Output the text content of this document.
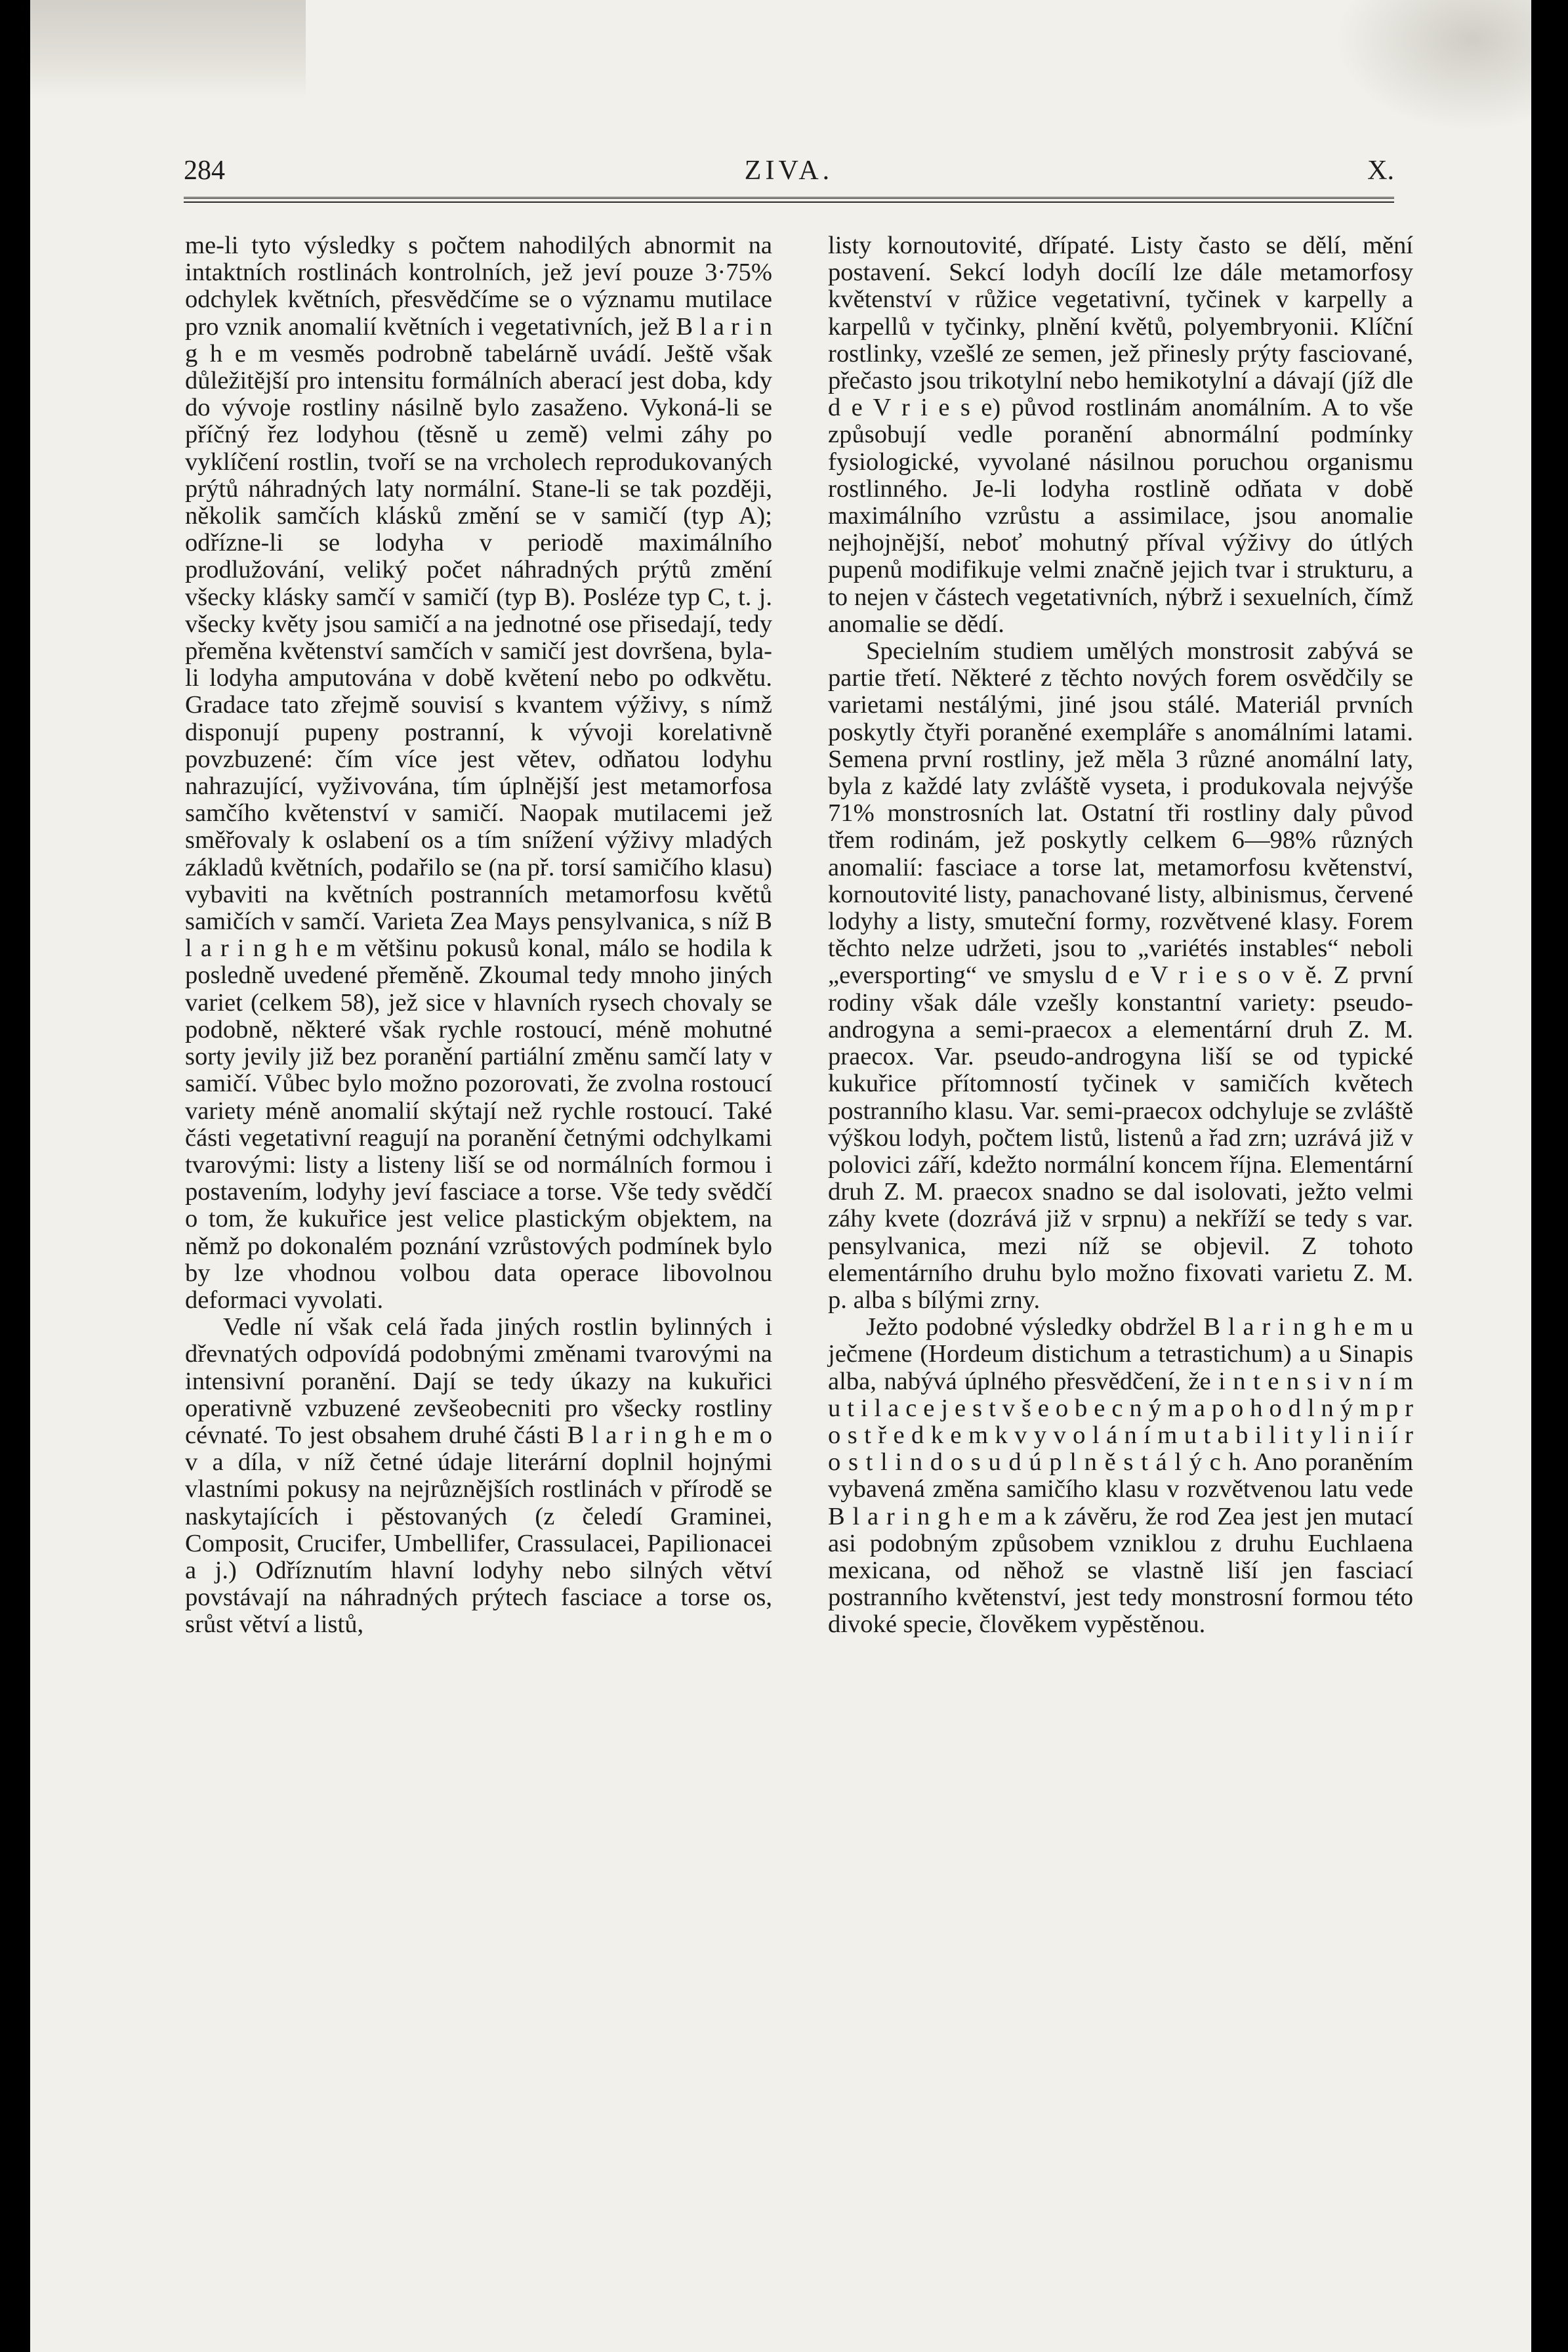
284	ZIVA.	X.

me-li tyto výsledky s počtem nahodilých abnormit na intaktních rostlinách kontrolních, jež jeví pouze 3·75% odchylek květních, přesvědčíme se o významu mutilace pro vznik anomalií květních i vegetativních, jež B l a r i n g h e m vesměs podrobně tabelárně uvádí. Ještě však důležitější pro intensitu formálních aberací jest doba, kdy do vývoje rostliny násilně bylo zasaženo. Vykoná-li se příčný řez lodyhou (těsně u země) velmi záhy po vyklíčení rostlin, tvoří se na vrcholech reprodukovaných prýtů náhradných laty normální. Stane-li se tak později, několik samčích klásků změní se v samičí (typ A); odřízne-li se lodyha v periodě maximálního prodlužování, veliký počet náhradných prýtů změní všecky klásky samčí v samičí (typ B). Posléze typ C, t. j. všecky květy jsou samičí a na jednotné ose přisedají, tedy přeměna květenství samčích v samičí jest dovršena, byla-li lodyha amputována v době květení nebo po odkvětu. Gradace tato zřejmě souvisí s kvantem výživy, s nímž disponují pupeny postranní, k vývoji korelativně povzbuzené: čím více jest větev, odňatou lodyhu nahrazující, vyživována, tím úplnější jest metamorfosa samčího květenství v samičí. Naopak mutilacemi jež směřovaly k oslabení os a tím snížení výživy mladých základů květních, podařilo se (na př. torsí samičího klasu) vybaviti na květních postranních metamorfosu květů samičích v samčí. Varieta Zea Mays pensylvanica, s níž B l a r i n g h e m většinu pokusů konal, málo se hodila k posledně uvedené přeměně. Zkoumal tedy mnoho jiných variet (celkem 58), jež sice v hlavních rysech chovaly se podobně, některé však rychle rostoucí, méně mohutné sorty jevily již bez poranění partiální změnu samčí laty v samičí. Vůbec bylo možno pozorovati, že zvolna rostoucí variety méně anomalií skýtají než rychle rostoucí. Také části vegetativní reagují na poranění četnými odchylkami tvarovými: listy a listeny liší se od normálních formou i postavením, lodyhy jeví fasciace a torse. Vše tedy svědčí o tom, že kukuřice jest velice plastickým objektem, na němž po dokonalém poznání vzrůstových podmínek bylo by lze vhodnou volbou data operace libovolnou deformaci vyvolati.

Vedle ní však celá řada jiných rostlin bylinných i dřevnatých odpovídá podobnými změnami tvarovými na intensivní poranění. Dají se tedy úkazy na kukuřici operativně vzbuzené zevšeobecniti pro všecky rostliny cévnaté. To jest obsahem druhé části B l a r i n g h e m o v a díla, v níž četné údaje literární doplnil hojnými vlastními pokusy na nejrůznějších rostlinách v přírodě se naskytajících i pěstovaných (z čeledí Graminei, Composit, Crucifer, Umbellifer, Crassulacei, Papilionacei a j.) Odříznutím hlavní lodyhy nebo silných větví povstávají na náhradných prýtech fasciace a torse os, srůst větví a listů,

listy kornoutovité, dřípaté. Listy často se dělí, mění postavení. Sekcí lodyh docílí lze dále metamorfosy květenství v růžice vegetativní, tyčinek v karpelly a karpellů v tyčinky, plnění květů, polyembryonii. Klíční rostlinky, vzešlé ze semen, jež přinesly prýty fasciované, přečasto jsou trikotylní nebo hemikotylní a dávají (jíž dle d e V r i e s e) původ rostlinám anomálním. A to vše způsobují vedle poranění abnormální podmínky fysiologické, vyvolané násilnou poruchou organismu rostlinného. Je-li lodyha rostlině odňata v době maximálního vzrůstu a assimilace, jsou anomalie nejhojnější, neboť mohutný příval výživy do útlých pupenů modifikuje velmi značně jejich tvar i strukturu, a to nejen v částech vegetativních, nýbrž i sexuelních, čímž anomalie se dědí.

Specielním studiem umělých monstrosit zabývá se partie třetí. Některé z těchto nových forem osvědčily se varietami nestálými, jiné jsou stálé. Materiál prvních poskytly čtyři poraněné exempláře s anomálními latami. Semena první rostliny, jež měla 3 různé anomální laty, byla z každé laty zvláště vyseta, i produkovala nejvýše 71% monstrosních lat. Ostatní tři rostliny daly původ třem rodinám, jež poskytly celkem 6—98% různých anomalií: fasciace a torse lat, metamorfosu květenství, kornoutovité listy, panachované listy, albinismus, červené lodyhy a listy, smuteční formy, rozvětvené klasy. Forem těchto nelze udržeti, jsou to „variétés instables“ neboli „eversporting“ ve smyslu d e V r i e s o v ě. Z první rodiny však dále vzešly konstantní variety: pseudo-androgyna a semi-praecox a elementární druh Z. M. praecox. Var. pseudo-androgyna liší se od typické kukuřice přítomností tyčinek v samičích květech postranního klasu. Var. semi-praecox odchyluje se zvláště výškou lodyh, počtem listů, listenů a řad zrn; uzrává již v polovici září, kdežto normální koncem října. Elementární druh Z. M. praecox snadno se dal isolovati, ježto velmi záhy kvete (dozrává již v srpnu) a nekříží se tedy s var. pensylvanica, mezi níž se objevil. Z tohoto elementárního druhu bylo možno fixovati varietu Z. M. p. alba s bílými zrny.

Ježto podobné výsledky obdržel B l a r i n g h e m u ječmene (Hordeum distichum a tetrastichum) a u Sinapis alba, nabývá úplného přesvědčení, že i n t e n s i v n í m u t i l a c e j e s t v š e o b e c n ý m a p o h o d l n ý m p r o s t ř e d k e m k v y v o l á n í m u t a b i l i t y l i n i í r o s t l i n d o s u d ú p l n ě s t á l ý c h. Ano poraněním vybavená změna samičího klasu v rozvětvenou latu vede B l a r i n g h e m a k závěru, že rod Zea jest jen mutací asi podobným způsobem vzniklou z druhu Euchlaena mexicana, od něhož se vlastně liší jen fasciací postranního květenství, jest tedy monstrosní formou této divoké specie, člověkem vypěstěnou.
